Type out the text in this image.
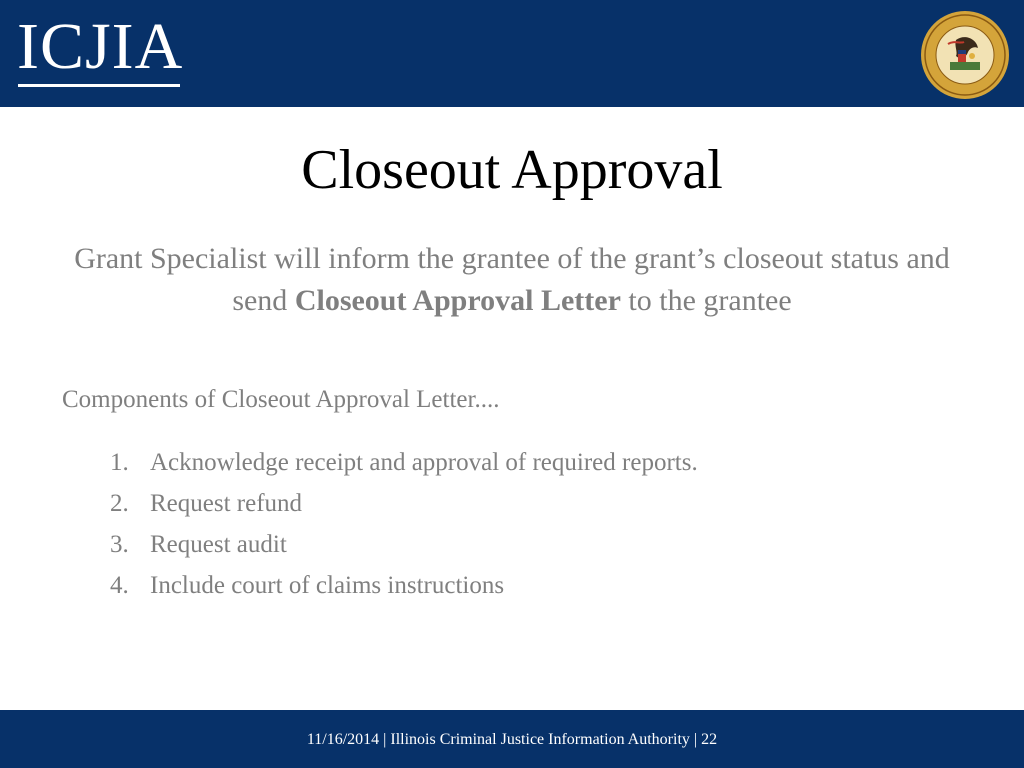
ICJIA
Closeout Approval
Grant Specialist will inform the grantee of the grant’s closeout status and send Closeout Approval Letter to the grantee
Components of Closeout Approval Letter....
1. Acknowledge receipt and approval of required reports.
2. Request refund
3. Request audit
4. Include court of claims instructions
11/16/2014 | Illinois Criminal Justice Information Authority | 22
